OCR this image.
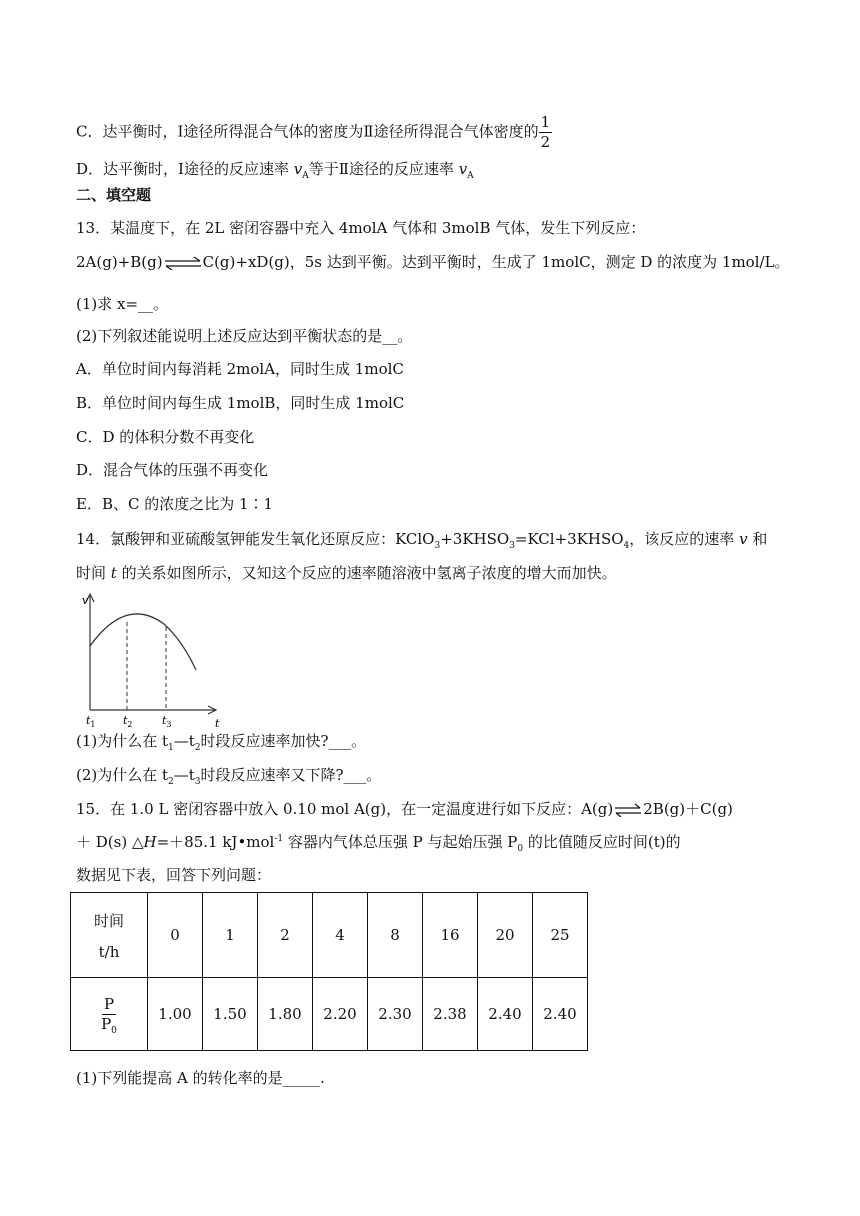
C．达平衡时，Ⅰ途径所得混合气体的密度为Ⅱ途径所得混合气体密度的 $\frac{1}{2}$
D．达平衡时，Ⅰ途径的反应速率 $v_A$等于Ⅱ途径的反应速率 $v_A$
二、填空题
13．某温度下，在 2L 密闭容器中充入 4molA 气体和 3molB 气体，发生下列反应：
2A(g)+B(g)⇌C(g)+xD(g)，5s 达到平衡。达到平衡时，生成了 1molC，测定 D 的浓度为 1mol/L。
(1)求 x=__。
(2)下列叙述能说明上述反应达到平衡状态的是__。
A．单位时间内每消耗 2molA，同时生成 1molC
B．单位时间内每生成 1molB，同时生成 1molC
C．D 的体积分数不再变化
D．混合气体的压强不再变化
E．B、C 的浓度之比为 1∶1
14．氯酸钾和亚硫酸氢钾能发生氧化还原反应：$KClO_3+3KHSO_3=KCl+3KHSO_4$，该反应的速率 v 和
时间 t 的关系如图所示，又知这个反应的速率随溶液中氢离子浓度的增大而加快。
v
t
$t_1$ $t_2$	$t_3$
(1)为什么在 $t_1—t_2$时段反应速率加快?___。
(2)为什么在 $t_2—t_3$时段反应速率又下降?___。
15．在 1.0 L 密闭容器中放入 0.10 mol A(g)，在一定温度进行如下反应：A(g)⇌2B(g)＋C(g)
＋ D(s) △H=＋85.1 kJ•mol$^{-1}$ 容器内气体总压强 P 与起始压强 $P_0$ 的比值随反应时间(t)的
数据见下表，回答下列问题：
时间
t/h	0	1	2	4	8	16	20	25

$\frac{P}{P_0}$	1.00	1.50	1.80	2.20	2.30	2.38	2.40	2.40
(1)下列能提高 A 的转化率的是_____.
